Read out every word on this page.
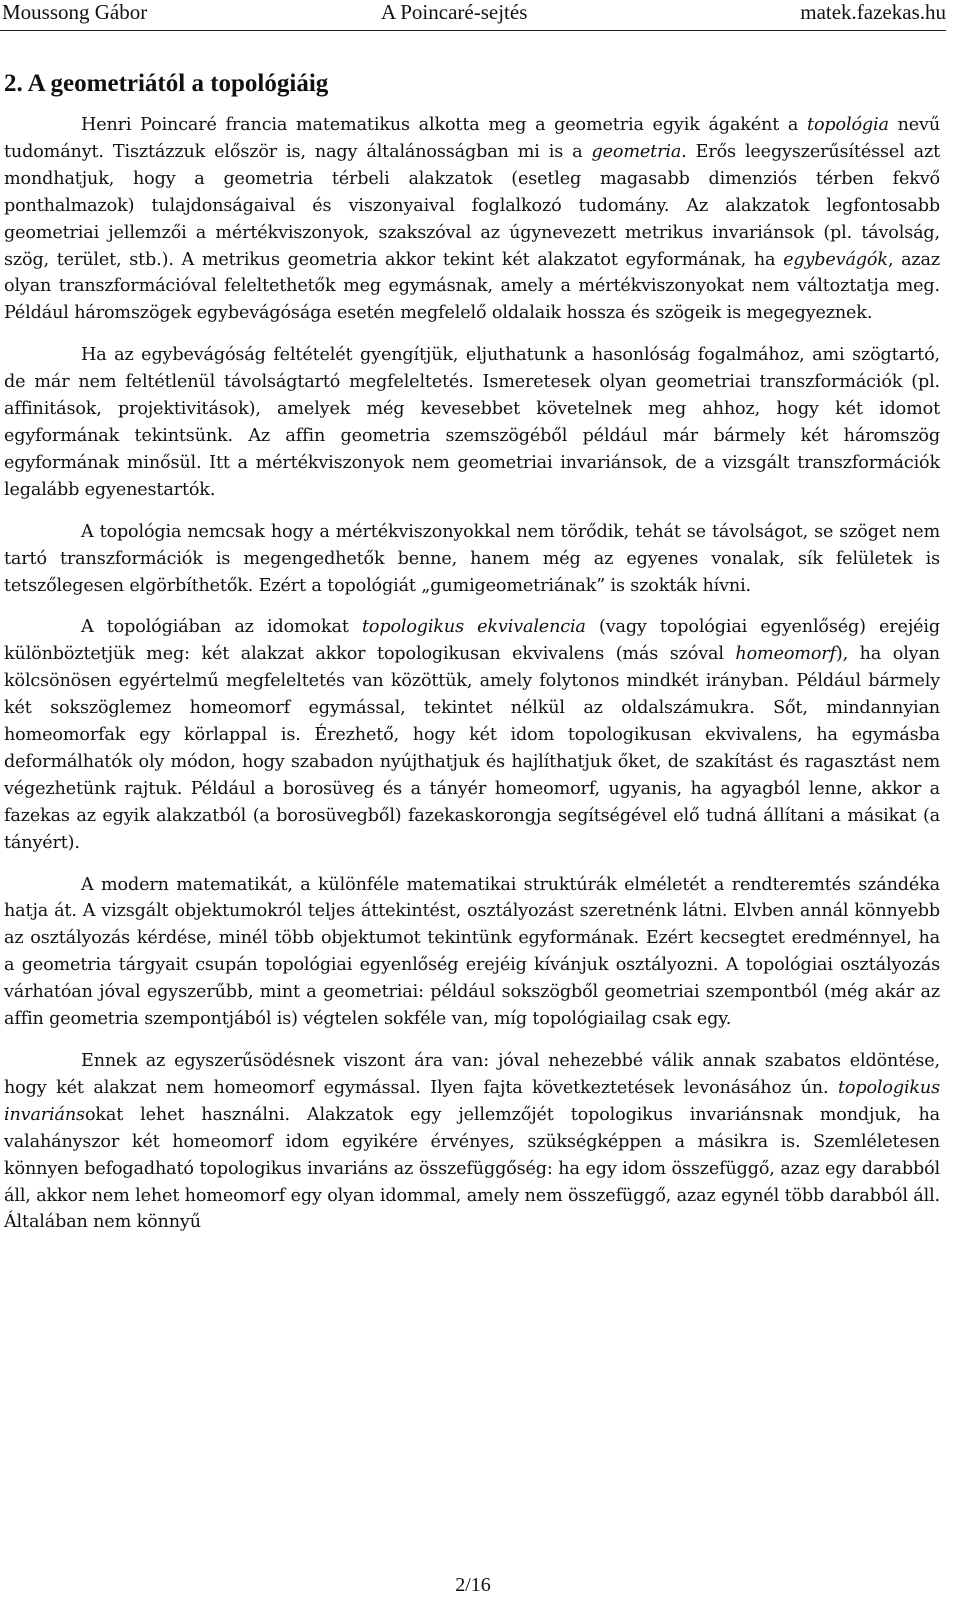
Moussong Gábor	A Poincaré-sejtés	matek.fazekas.hu
2. A geometriától a topológiáig

Henri Poincaré francia matematikus alkotta meg a geometria egyik ágaként a topológia nevű tudományt. Tisztázzuk először is, nagy általánosságban mi is a geometria. Erős leegyszerűsítéssel azt mondhatjuk, hogy a geometria térbeli alakzatok (esetleg magasabb dimenziós térben fekvő ponthalmazok) tulajdonságaival és viszonyaival foglalkozó tudomány. Az alakzatok legfontosabb geometriai jellemzői a mértékviszonyok, szakszóval az úgynevezett metrikus invariánsok (pl. távolság, szög, terület, stb.). A metrikus geometria akkor tekint két alakzatot egyformának, ha egybevágók, azaz olyan transzformációval feleltethetők meg egymásnak, amely a mértékviszonyokat nem változtatja meg. Például háromszögek egybevágósága esetén megfelelő oldalaik hossza és szögeik is megegyeznek.

Ha az egybevágóság feltételét gyengítjük, eljuthatunk a hasonlóság fogalmához, ami szögtartó, de már nem feltétlenül távolságtartó megfeleltetés. Ismeretesek olyan geometriai transzformációk (pl. affinitások, projektivitások), amelyek még kevesebbet követelnek meg ahhoz, hogy két idomot egyformának tekintsünk. Az affin geometria szemszögéből például már bármely két háromszög egyformának minősül. Itt a mértékviszonyok nem geometriai invariánsok, de a vizsgált transzformációk legalább egyenestartók.

A topológia nemcsak hogy a mértékviszonyokkal nem törődik, tehát se távolságot, se szöget nem tartó transzformációk is megengedhetők benne, hanem még az egyenes vonalak, sík felületek is tetszőlegesen elgörbíthetők. Ezért a topológiát „gumigeometriának” is szokták hívni.

A topológiában az idomokat topologikus ekvivalencia (vagy topológiai egyenlőség) erejéig különböztetjük meg: két alakzat akkor topologikusan ekvivalens (más szóval homeomorf), ha olyan kölcsönösen egyértelmű megfeleltetés van közöttük, amely folytonos mindkét irányban. Például bármely két sokszöglemez homeomorf egymással, tekintet nélkül az oldalszámukra. Sőt, mindannyian homeomorfak egy körlappal is. Érezhető, hogy két idom topologikusan ekvivalens, ha egymásba deformálhatók oly módon, hogy szabadon nyújthatjuk és hajlíthatjuk őket, de szakítást és ragasztást nem végezhetünk rajtuk. Például a borosüveg és a tányér homeomorf, ugyanis, ha agyagból lenne, akkor a fazekas az egyik alakzatból (a borosüvegből) fazekaskorongja segítségével elő tudná állítani a másikat (a tányért).

A modern matematikát, a különféle matematikai struktúrák elméletét a rendteremtés szándéka hatja át. A vizsgált objektumokról teljes áttekintést, osztályozást szeretnénk látni. Elvben annál könnyebb az osztályozás kérdése, minél több objektumot tekintünk egyformának. Ezért kecsegtet eredménnyel, ha a geometria tárgyait csupán topológiai egyenlőség erejéig kívánjuk osztályozni. A topológiai osztályozás várhatóan jóval egyszerűbb, mint a geometriai: például sokszögből geometriai szempontból (még akár az affin geometria szempontjából is) végtelen sokféle van, míg topológiailag csak egy.

Ennek az egyszerűsödésnek viszont ára van: jóval nehezebbé válik annak szabatos eldöntése, hogy két alakzat nem homeomorf egymással. Ilyen fajta következtetések levonásához ún. topologikus invariánsokat lehet használni. Alakzatok egy jellemzőjét topologikus invariánsnak mondjuk, ha valahányszor két homeomorf idom egyikére érvényes, szükségképpen a másikra is. Szemléletesen könnyen befogadható topologikus invariáns az összefüggőség: ha egy idom összefüggő, azaz egy darabból áll, akkor nem lehet homeomorf egy olyan idommal, amely nem összefüggő, azaz egynél több darabból áll. Általában nem könnyű

2/16
